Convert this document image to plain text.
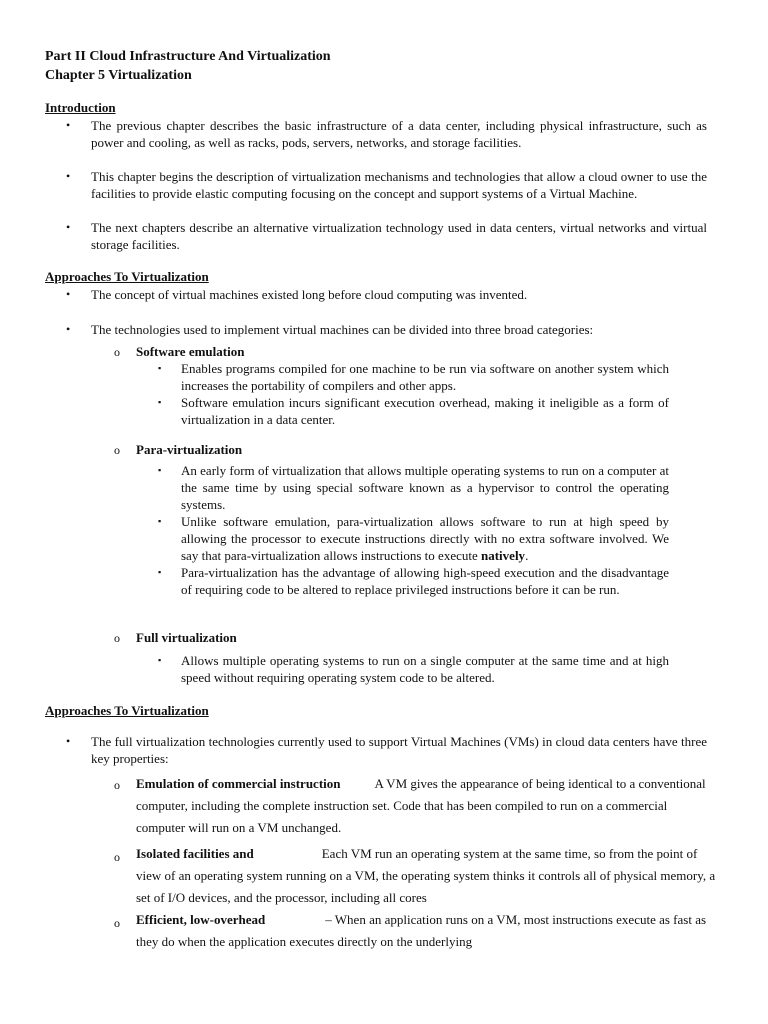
Part II Cloud Infrastructure And Virtualization

Chapter 5 Virtualization

Introduction

• The previous chapter describes the basic infrastructure of a data center, including physical infrastructure, such as power and cooling, as well as racks, pods, servers, networks, and storage facilities.

• This chapter begins the description of virtualization mechanisms and technologies that allow a cloud owner to use the facilities to provide elastic computing focusing on the concept and support systems of a Virtual Machine.

• The next chapters describe an alternative virtualization technology used in data centers, virtual networks and virtual storage facilities.

Approaches To Virtualization

• The concept of virtual machines existed long before cloud computing was invented.

• The technologies used to implement virtual machines can be divided into three broad categories:

o Software emulation

▪ Enables programs compiled for one machine to be run via software on another system which increases the portability of compilers and other apps.

▪ Software emulation incurs significant execution overhead, making it ineligible as a form of virtualization in a data center.

o Para-virtualization

▪ An early form of virtualization that allows multiple operating systems to run on a computer at the same time by using special software known as a hypervisor to control the operating systems.

▪ Unlike software emulation, para-virtualization allows software to run at high speed by allowing the processor to execute instructions directly with no extra software involved. We say that para-virtualization allows instructions to execute natively.

▪ Para-virtualization has the advantage of allowing high-speed execution and the disadvantage of requiring code to be altered to replace privileged instructions before it can be run.

o Full virtualization

▪ Allows multiple operating systems to run on a single computer at the same time and at high speed without requiring operating system code to be altered.

Approaches To Virtualization

• The full virtualization technologies currently used to support Virtual Machines (VMs) in cloud data centers have three key properties:

o Emulation of commercial instruction	A VM gives the appearance of being identical to a conventional computer, including the complete instruction set. Code that has been compiled to run on a commercial computer will run on a VM unchanged.

o Isolated facilities and	Each VM run an operating system at the same time, so from the point of view of an operating system running on a VM, the operating system thinks it controls all of physical memory, a set of I/O devices, and the processor, including all cores

o Efficient, low-overhead	– When an application runs on a VM, most instructions execute as fast as they do when the application executes directly on the underlying
